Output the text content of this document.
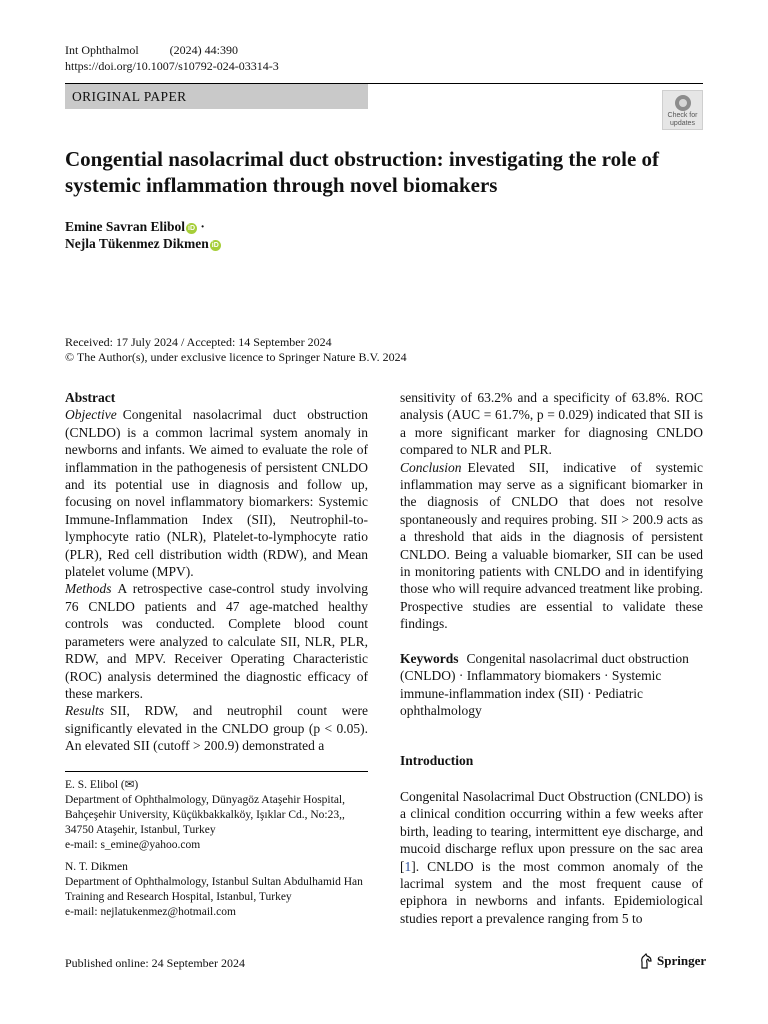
Int Ophthalmol	(2024) 44:390
https://doi.org/10.1007/s10792-024-03314-3
ORIGINAL PAPER
Check for
updates
Congential nasolacrimal duct obstruction: investigating the role of systemic inflammation through novel biomakers
Emine Savran Elibol iD ·
Nejla Tükenmez Dikmen iD
Received: 17 July 2024 / Accepted: 14 September 2024
© The Author(s), under exclusive licence to Springer Nature B.V. 2024

Abstract

Objective Congenital nasolacrimal duct obstruction (CNLDO) is a common lacrimal system anomaly in newborns and infants. We aimed to evaluate the role of inflammation in the pathogenesis of persistent CNLDO and its potential use in diagnosis and follow up, focusing on novel inflammatory biomarkers: Systemic Immune-Inflammation Index (SII), Neutrophil-to-lymphocyte ratio (NLR), Platelet-to-lymphocyte ratio (PLR), Red cell distribution width (RDW), and Mean platelet volume (MPV).

Methods A retrospective case-control study involving 76 CNLDO patients and 47 age-matched healthy controls was conducted. Complete blood count parameters were analyzed to calculate SII, NLR, PLR, RDW, and MPV. Receiver Operating Characteristic (ROC) analysis determined the diagnostic efficacy of these markers.

Results SII, RDW, and neutrophil count were significantly elevated in the CNLDO group (p < 0.05). An elevated SII (cutoff > 200.9) demonstrated a

sensitivity of 63.2% and a specificity of 63.8%. ROC analysis (AUC = 61.7%, p = 0.029) indicated that SII is a more significant marker for diagnosing CNLDO compared to NLR and PLR.

Conclusion Elevated SII, indicative of systemic inflammation may serve as a significant biomarker in the diagnosis of CNLDO that does not resolve spontaneously and requires probing. SII > 200.9 acts as a threshold that aids in the diagnosis of persistent CNLDO. Being a valuable biomarker, SII can be used in monitoring patients with CNLDO and in identifying those who will require advanced treatment like probing. Prospective studies are essential to validate these findings.

Keywords Congenital nasolacrimal duct obstruction (CNLDO) · Inflammatory biomakers · Systemic immune-inflammation index (SII) · Pediatric ophthalmology
Introduction
Congenital Nasolacrimal Duct Obstruction (CNLDO) is a clinical condition occurring within a few weeks after birth, leading to tearing, intermittent eye discharge, and mucoid discharge reflux upon pressure on the sac area [1]. CNLDO is the most common anomaly of the lacrimal system and the most frequent cause of epiphora in newborns and infants. Epidemiological studies report a prevalence ranging from 5 to
E. S. Elibol (✉)
Department of Ophthalmology, Dünyagöz Ataşehir Hospital, Bahçeşehir University, Küçükbakkalköy, Işıklar Cd., No:23,, 34750 Ataşehir, Istanbul, Turkey
e-mail: s_emine@yahoo.com
N. T. Dikmen
Department of Ophthalmology, Istanbul Sultan Abdulhamid Han Training and Research Hospital, Istanbul, Turkey
e-mail: nejlatukenmez@hotmail.com
Published online: 24 September 2024	Springer
